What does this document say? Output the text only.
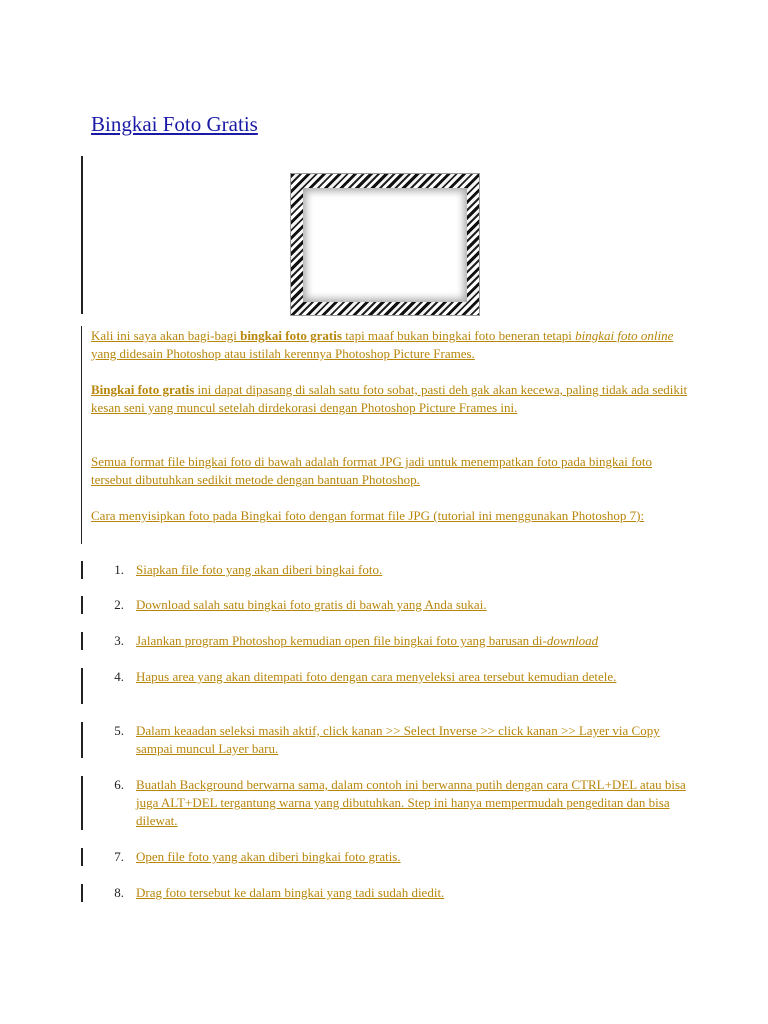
Bingkai Foto Gratis

Kali ini saya akan bagi-bagi bingkai foto gratis tapi maaf bukan bingkai foto beneran tetapi bingkai foto online yang didesain Photoshop atau istilah kerennya Photoshop Picture Frames.

Bingkai foto gratis ini dapat dipasang di salah satu foto sobat, pasti deh gak akan kecewa, paling tidak ada sedikit kesan seni yang muncul setelah dirdekorasi dengan Photoshop Picture Frames ini.

Semua format file bingkai foto di bawah adalah format JPG jadi untuk menempatkan foto pada bingkai foto tersebut dibutuhkan sedikit metode dengan bantuan Photoshop.

Cara menyisipkan foto pada Bingkai foto dengan format file JPG (tutorial ini menggunakan Photoshop 7):

1. Siapkan file foto yang akan diberi bingkai foto.
2. Download salah satu bingkai foto gratis di bawah yang Anda sukai.
3. Jalankan program Photoshop kemudian open file bingkai foto yang barusan di-download
4. Hapus area yang akan ditempati foto dengan cara menyeleksi area tersebut kemudian detele.
5. Dalam keaadan seleksi masih aktif, click kanan >> Select Inverse >> click kanan >> Layer via Copy sampai muncul Layer baru.
6. Buatlah Background berwarna sama, dalam contoh ini berwanna putih dengan cara CTRL+DEL atau bisa juga ALT+DEL tergantung warna yang dibutuhkan. Step ini hanya mempermudah pengeditan dan bisa dilewat.
7. Open file foto yang akan diberi bingkai foto gratis.
8. Drag foto tersebut ke dalam bingkai yang tadi sudah diedit.
